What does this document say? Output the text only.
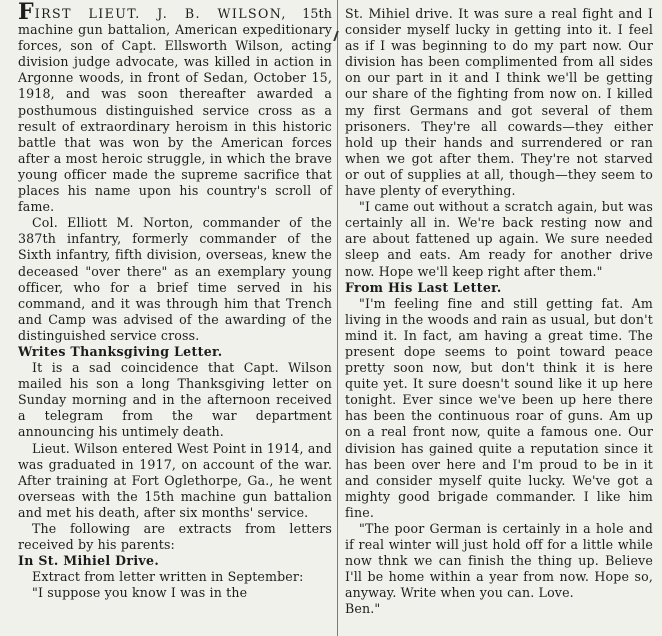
FIRST LIEUT. J. B. WILSON, 15th machine gun battalion, American expeditionary forces, son of Capt. Ellsworth Wilson, acting division judge advocate, was killed in action in Argonne woods, in front of Sedan, October 15, 1918, and was soon thereafter awarded a posthumous distinguished service cross as a result of extraordinary heroism in this historic battle that was won by the American forces after a most heroic struggle, in which the brave young officer made the supreme sacrifice that places his name upon his country's scroll of fame.

Col. Elliott M. Norton, commander of the 387th infantry, formerly commander of the Sixth infantry, fifth division, overseas, knew the deceased "over there" as an exemplary young officer, who for a brief time served in his command, and it was through him that Trench and Camp was advised of the awarding of the distinguished service cross.

Writes Thanksgiving Letter.

It is a sad coincidence that Capt. Wilson mailed his son a long Thanksgiving letter on Sunday morning and in the afternoon received a telegram from the war department announcing his untimely death.

Lieut. Wilson entered West Point in 1914, and was graduated in 1917, on account of the war. After training at Fort Oglethorpe, Ga., he went overseas with the 15th machine gun battalion and met his death, after six months' service.

The following are extracts from letters received by his parents:

In St. Mihiel Drive.

Extract from letter written in September:

"I suppose you know I was in the

St. Mihiel drive. It was sure a real fight and I consider myself lucky in getting into it. I feel as if I was beginning to do my part now. Our division has been complimented from all sides on our part in it and I think we'll be getting our share of the fighting from now on. I killed my first Germans and got several of them prisoners. They're all cowards—they either hold up their hands and surrendered or ran when we got after them. They're not starved or out of supplies at all, though—they seem to have plenty of everything.

"I came out without a scratch again, but was certainly all in. We're back resting now and are about fattened up again. We sure needed sleep and eats. Am ready for another drive now. Hope we'll keep right after them."

From His Last Letter.

"I'm feeling fine and still getting fat. Am living in the woods and rain as usual, but don't mind it. In fact, am having a great time. The present dope seems to point toward peace pretty soon now, but don't think it is here quite yet. It sure doesn't sound like it up here tonight. Ever since we've been up here there has been the continuous roar of guns. Am up on a real front now, quite a famous one. Our division has gained quite a reputation since it has been over here and I'm proud to be in it and consider myself quite lucky. We've got a mighty good brigade commander. I like him fine.

"The poor German is certainly in a hole and if real winter will just hold off for a little while now thnk we can finish the thing up. Believe I'll be home within a year from now. Hope so, anyway. Write when you can. Love.

Ben."
